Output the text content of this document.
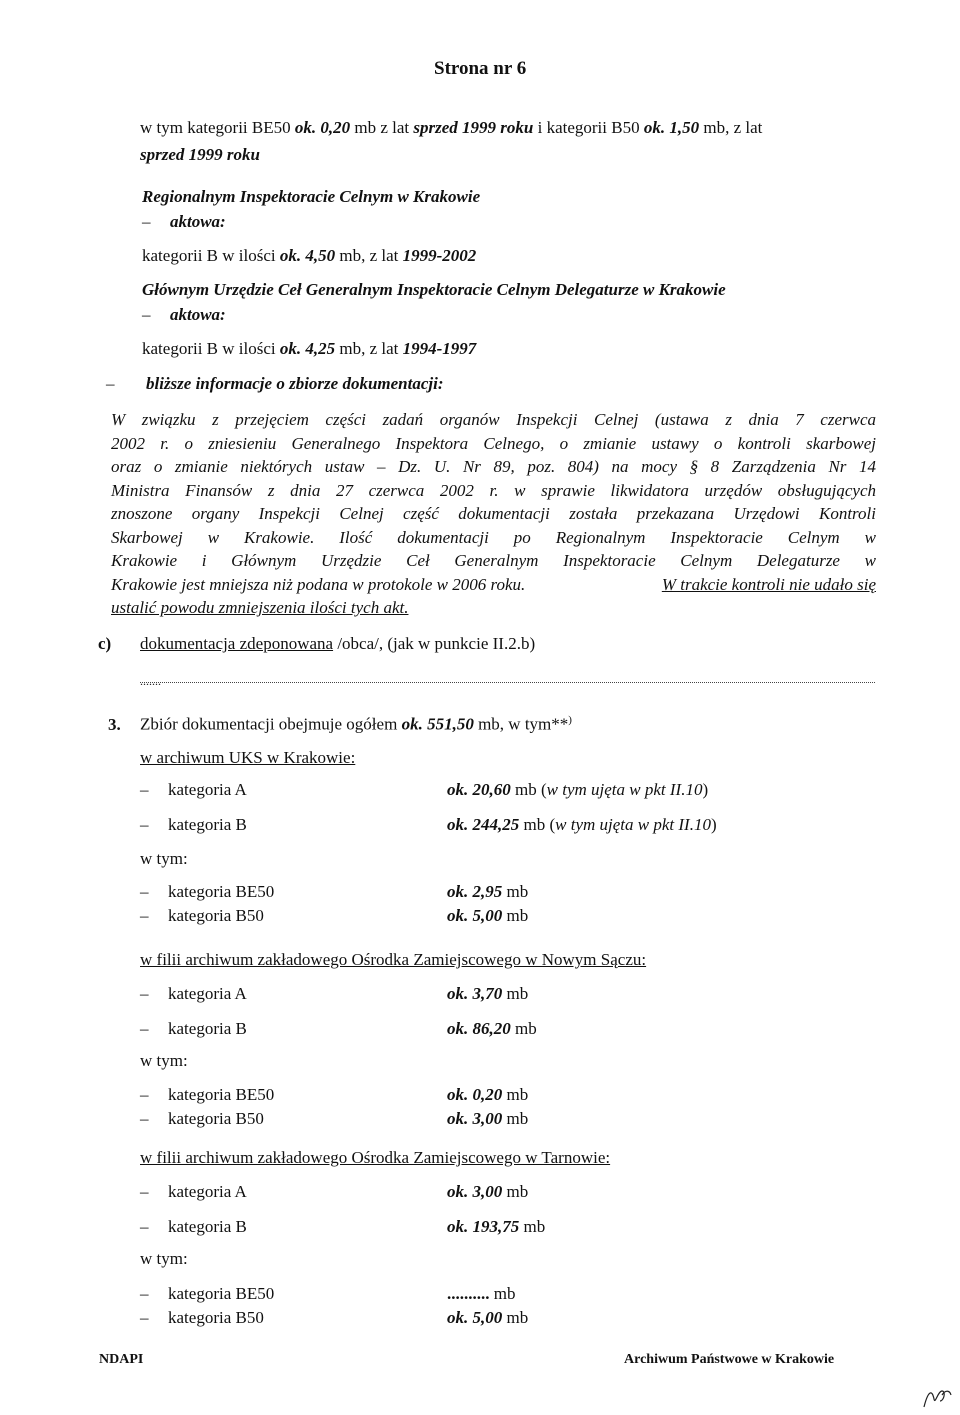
Strona nr 6
w tym kategorii BE50 ok. 0,20 mb z lat sprzed 1999 roku i kategorii B50 ok. 1,50 mb, z lat
sprzed 1999 roku
Regionalnym Inspektoracie Celnym w Krakowie
– aktowa:
kategorii B w ilości ok. 4,50 mb, z lat 1999-2002
Głównym Urzędzie Ceł Generalnym Inspektoracie Celnym Delegaturze w Krakowie
– aktowa:
kategorii B w ilości ok. 4,25 mb, z lat 1994-1997
– bliższe informacje o zbiorze dokumentacji:
W związku z przejęciem części zadań organów Inspekcji Celnej (ustawa z dnia 7 czerwca
2002 r. o zniesieniu Generalnego Inspektora Celnego, o zmianie ustawy o kontroli skarbowej
oraz o zmianie niektórych ustaw – Dz. U. Nr 89, poz. 804) na mocy § 8 Zarządzenia Nr 14
Ministra Finansów z dnia 27 czerwca 2002 r. w sprawie likwidatora urzędów obsługujących
znoszone organy Inspekcji Celnej część dokumentacji została przekazana Urzędowi Kontroli
Skarbowej w Krakowie. Ilość dokumentacji po Regionalnym Inspektoracie Celnym w
Krakowie i Głównym Urzędzie Ceł Generalnym Inspektoracie Celnym Delegaturze w
Krakowie jest mniejsza niż podana w protokole w 2006 roku.	W trakcie kontroli nie udało się
ustalić powodu zmniejszenia ilości tych akt.
c) dokumentacja zdeponowana /obca/, (jak w punkcie II.2.b)
.......
3. Zbiór dokumentacji obejmuje ogółem ok. 551,50 mb, w tym**)
w archiwum UKS w Krakowie:
– kategoria A	ok. 20,60 mb (w tym ujęta w pkt II.10)
– kategoria B	ok. 244,25 mb (w tym ujęta w pkt II.10)
w tym:
– kategoria BE50	ok. 2,95 mb
– kategoria B50	ok. 5,00 mb
w filii archiwum zakładowego Ośrodka Zamiejscowego w Nowym Sączu:
– kategoria A	ok. 3,70 mb
– kategoria B	ok. 86,20 mb
w tym:
– kategoria BE50	ok. 0,20 mb
– kategoria B50	ok. 3,00 mb
w filii archiwum zakładowego Ośrodka Zamiejscowego w Tarnowie:
– kategoria A	ok. 3,00 mb
– kategoria B	ok. 193,75 mb
w tym:
– kategoria BE50	.......... mb
– kategoria B50	ok. 5,00 mb
NDAPI	Archiwum Państwowe w Krakowie
